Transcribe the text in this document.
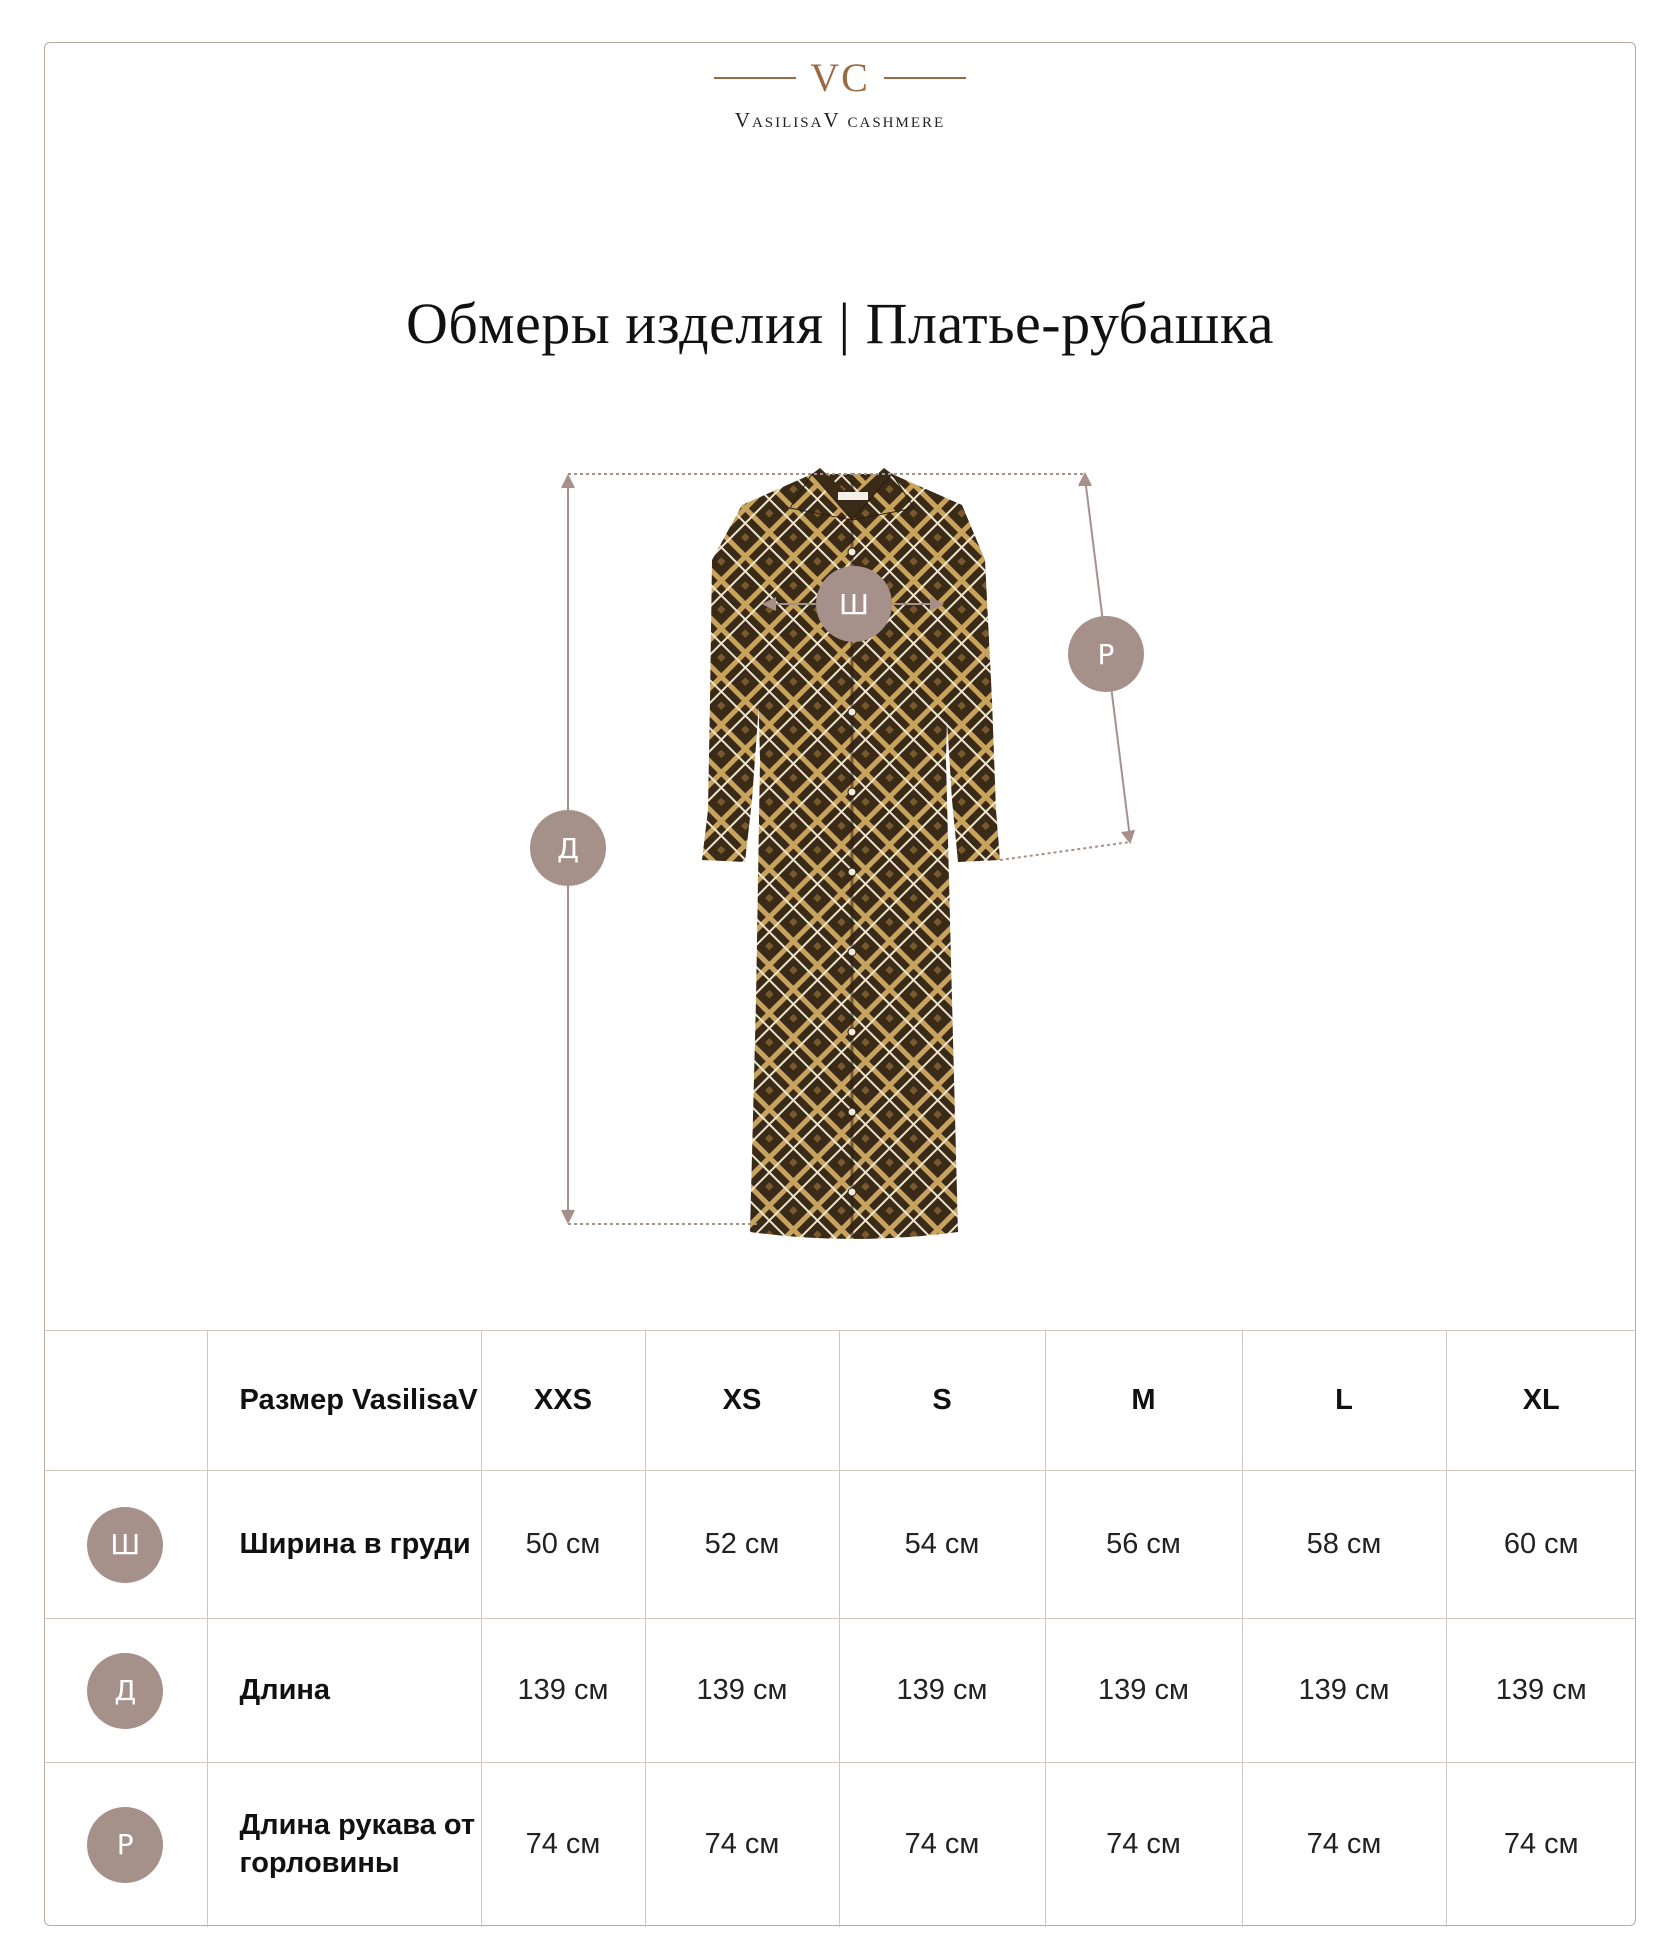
VC
VasilisaV cashmere
Обмеры изделия | Платье-рубашка
Ш
Д
Р
	Размер VasilisaV	XXS	XS	S	M	L	XL

Ш	Ширина в груди	50 см	52 см	54 см	56 см	58 см	60 см

Д	Длина	139 см	139 см	139 см	139 см	139 см	139 см

Р	Длина рукава от горловины	74 см	74 см	74 см	74 см	74 см	74 см
